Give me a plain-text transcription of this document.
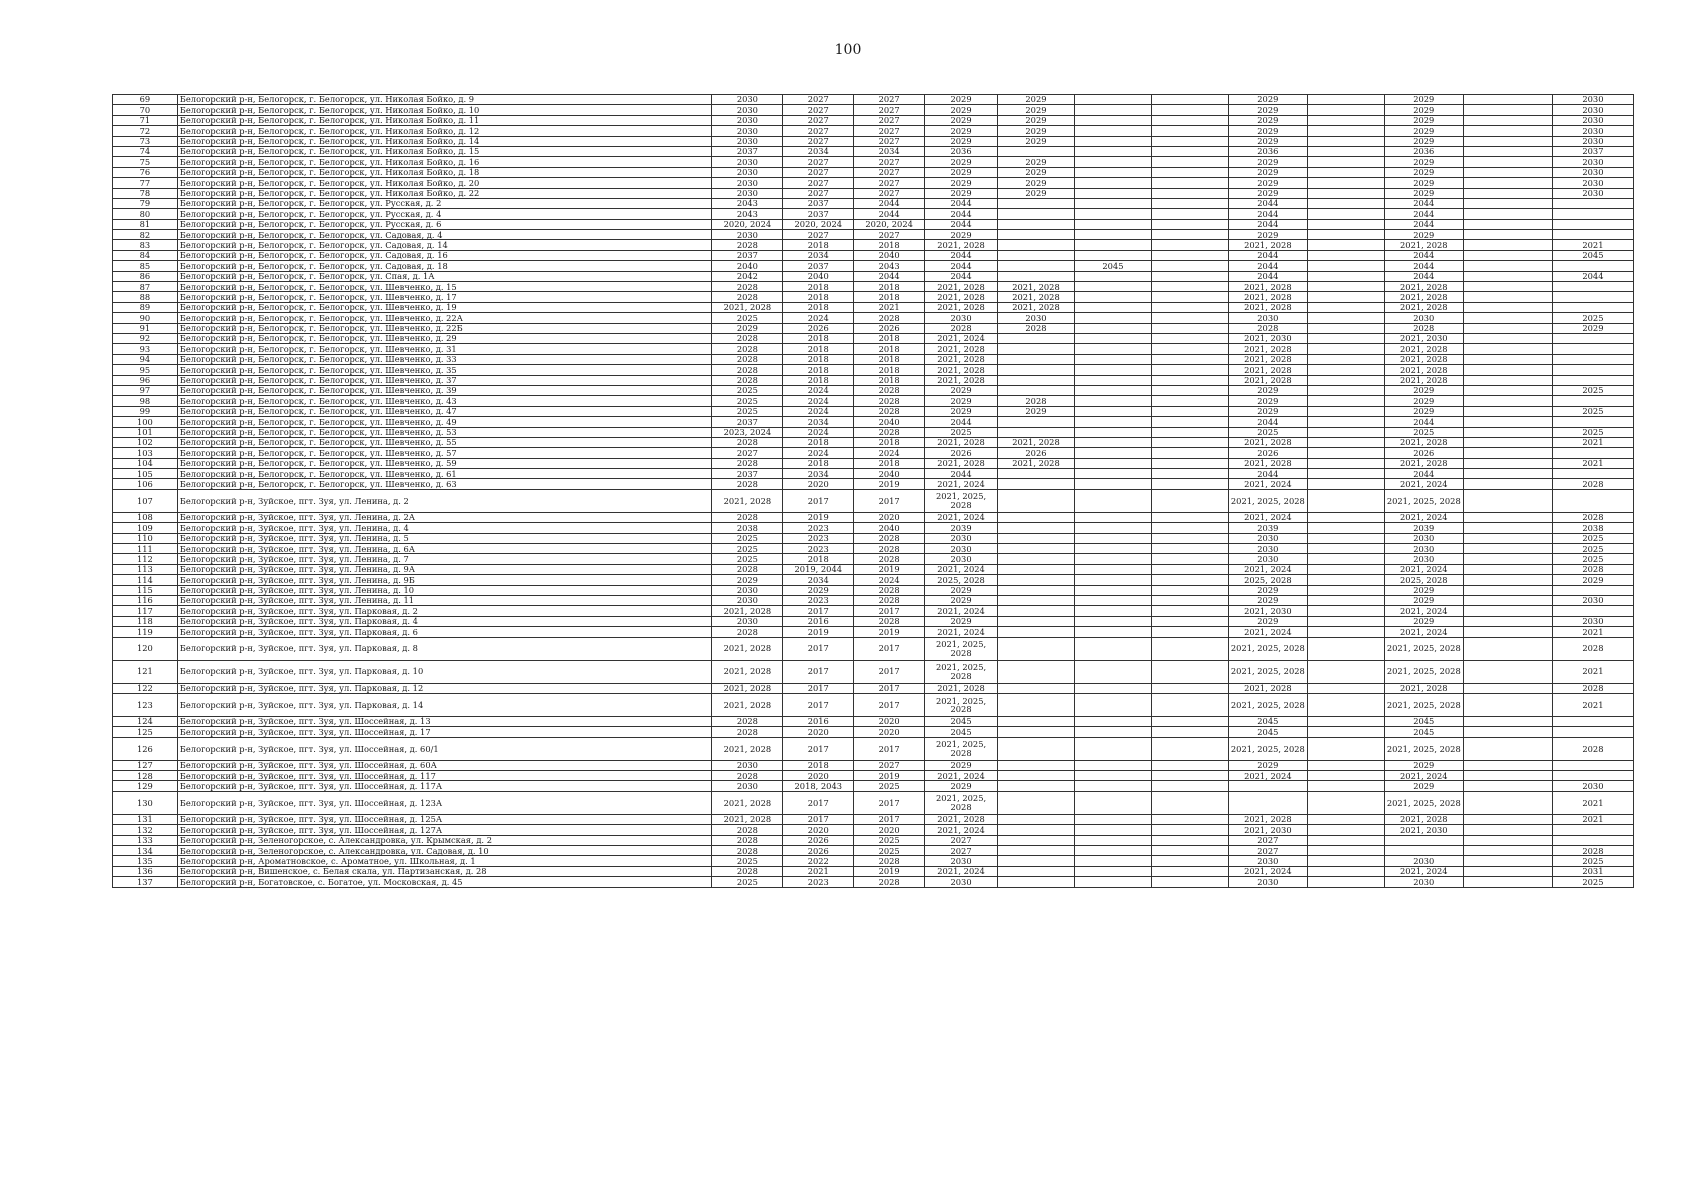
100
69	Белогорский р-н, Белогорск, г. Белогорск, ул. Николая Бойко, д. 9	2030	2027	2027	2029	2029			2029		2029		2030
70	Белогорский р-н, Белогорск, г. Белогорск, ул. Николая Бойко, д. 10	2030	2027	2027	2029	2029			2029		2029		2030
71	Белогорский р-н, Белогорск, г. Белогорск, ул. Николая Бойко, д. 11	2030	2027	2027	2029	2029			2029		2029		2030
72	Белогорский р-н, Белогорск, г. Белогорск, ул. Николая Бойко, д. 12	2030	2027	2027	2029	2029			2029		2029		2030
73	Белогорский р-н, Белогорск, г. Белогорск, ул. Николая Бойко, д. 14	2030	2027	2027	2029	2029			2029		2029		2030
74	Белогорский р-н, Белогорск, г. Белогорск, ул. Николая Бойко, д. 15	2037	2034	2034	2036				2036		2036		2037
75	Белогорский р-н, Белогорск, г. Белогорск, ул. Николая Бойко, д. 16	2030	2027	2027	2029	2029			2029		2029		2030
76	Белогорский р-н, Белогорск, г. Белогорск, ул. Николая Бойко, д. 18	2030	2027	2027	2029	2029			2029		2029		2030
77	Белогорский р-н, Белогорск, г. Белогорск, ул. Николая Бойко, д. 20	2030	2027	2027	2029	2029			2029		2029		2030
78	Белогорский р-н, Белогорск, г. Белогорск, ул. Николая Бойко, д. 22	2030	2027	2027	2029	2029			2029		2029		2030
79	Белогорский р-н, Белогорск, г. Белогорск, ул. Русская, д. 2	2043	2037	2044	2044				2044		2044		
80	Белогорский р-н, Белогорск, г. Белогорск, ул. Русская, д. 4	2043	2037	2044	2044				2044		2044		
81	Белогорский р-н, Белогорск, г. Белогорск, ул. Русская, д. 6	2020, 2024	2020, 2024	2020, 2024	2044				2044		2044		
82	Белогорский р-н, Белогорск, г. Белогорск, ул. Садовая, д. 4	2030	2027	2027	2029				2029		2029		
83	Белогорский р-н, Белогорск, г. Белогорск, ул. Садовая, д. 14	2028	2018	2018	2021, 2028				2021, 2028		2021, 2028		2021
84	Белогорский р-н, Белогорск, г. Белогорск, ул. Садовая, д. 16	2037	2034	2040	2044				2044		2044		2045
85	Белогорский р-н, Белогорск, г. Белогорск, ул. Садовая, д. 18	2040	2037	2043	2044		2045		2044		2044		
86	Белогорский р-н, Белогорск, г. Белогорск, ул. Спая, д. 1А	2042	2040	2044	2044				2044		2044		2044
87	Белогорский р-н, Белогорск, г. Белогорск, ул. Шевченко, д. 15	2028	2018	2018	2021, 2028	2021, 2028			2021, 2028		2021, 2028		
88	Белогорский р-н, Белогорск, г. Белогорск, ул. Шевченко, д. 17	2028	2018	2018	2021, 2028	2021, 2028			2021, 2028		2021, 2028		
89	Белогорский р-н, Белогорск, г. Белогорск, ул. Шевченко, д. 19	2021, 2028	2018	2021	2021, 2028	2021, 2028			2021, 2028		2021, 2028		
90	Белогорский р-н, Белогорск, г. Белогорск, ул. Шевченко, д. 22А	2025	2024	2028	2030	2030			2030		2030		2025
91	Белогорский р-н, Белогорск, г. Белогорск, ул. Шевченко, д. 22Б	2029	2026	2026	2028	2028			2028		2028		2029
92	Белогорский р-н, Белогорск, г. Белогорск, ул. Шевченко, д. 29	2028	2018	2018	2021, 2024				2021, 2030		2021, 2030		
93	Белогорский р-н, Белогорск, г. Белогорск, ул. Шевченко, д. 31	2028	2018	2018	2021, 2028				2021, 2028		2021, 2028		
94	Белогорский р-н, Белогорск, г. Белогорск, ул. Шевченко, д. 33	2028	2018	2018	2021, 2028				2021, 2028		2021, 2028		
95	Белогорский р-н, Белогорск, г. Белогорск, ул. Шевченко, д. 35	2028	2018	2018	2021, 2028				2021, 2028		2021, 2028		
96	Белогорский р-н, Белогорск, г. Белогорск, ул. Шевченко, д. 37	2028	2018	2018	2021, 2028				2021, 2028		2021, 2028		
97	Белогорский р-н, Белогорск, г. Белогорск, ул. Шевченко, д. 39	2025	2024	2028	2029				2029		2029		2025
98	Белогорский р-н, Белогорск, г. Белогорск, ул. Шевченко, д. 43	2025	2024	2028	2029	2028			2029		2029		
99	Белогорский р-н, Белогорск, г. Белогорск, ул. Шевченко, д. 47	2025	2024	2028	2029	2029			2029		2029		2025
100	Белогорский р-н, Белогорск, г. Белогорск, ул. Шевченко, д. 49	2037	2034	2040	2044				2044		2044		
101	Белогорский р-н, Белогорск, г. Белогорск, ул. Шевченко, д. 53	2023, 2024	2024	2028	2025				2025		2025		2025
102	Белогорский р-н, Белогорск, г. Белогорск, ул. Шевченко, д. 55	2028	2018	2018	2021, 2028	2021, 2028			2021, 2028		2021, 2028		2021
103	Белогорский р-н, Белогорск, г. Белогорск, ул. Шевченко, д. 57	2027	2024	2024	2026	2026			2026		2026		
104	Белогорский р-н, Белогорск, г. Белогорск, ул. Шевченко, д. 59	2028	2018	2018	2021, 2028	2021, 2028			2021, 2028		2021, 2028		2021
105	Белогорский р-н, Белогорск, г. Белогорск, ул. Шевченко, д. 61	2037	2034	2040	2044				2044		2044		
106	Белогорский р-н, Белогорск, г. Белогорск, ул. Шевченко, д. 63	2028	2020	2019	2021, 2024				2021, 2024		2021, 2024		2028
107	Белогорский р-н, Зуйское, пгт. Зуя, ул. Ленина, д. 2	2021, 2028	2017	2017	2021, 2025, 2028				2021, 2025, 2028		2021, 2025, 2028		
108	Белогорский р-н, Зуйское, пгт. Зуя, ул. Ленина, д. 2А	2028	2019	2020	2021, 2024				2021, 2024		2021, 2024		2028
109	Белогорский р-н, Зуйское, пгт. Зуя, ул. Ленина, д. 4	2038	2023	2040	2039				2039		2039		2038
110	Белогорский р-н, Зуйское, пгт. Зуя, ул. Ленина, д. 5	2025	2023	2028	2030				2030		2030		2025
111	Белогорский р-н, Зуйское, пгт. Зуя, ул. Ленина, д. 6А	2025	2023	2028	2030				2030		2030		2025
112	Белогорский р-н, Зуйское, пгт. Зуя, ул. Ленина, д. 7	2025	2018	2028	2030				2030		2030		2025
113	Белогорский р-н, Зуйское, пгт. Зуя, ул. Ленина, д. 9А	2028	2019, 2044	2019	2021, 2024				2021, 2024		2021, 2024		2028
114	Белогорский р-н, Зуйское, пгт. Зуя, ул. Ленина, д. 9Б	2029	2034	2024	2025, 2028				2025, 2028		2025, 2028		2029
115	Белогорский р-н, Зуйское, пгт. Зуя, ул. Ленина, д. 10	2030	2029	2028	2029				2029		2029		
116	Белогорский р-н, Зуйское, пгт. Зуя, ул. Ленина, д. 11	2030	2023	2028	2029				2029		2029		2030
117	Белогорский р-н, Зуйское, пгт. Зуя, ул. Парковая, д. 2	2021, 2028	2017	2017	2021, 2024				2021, 2030		2021, 2024		
118	Белогорский р-н, Зуйское, пгт. Зуя, ул. Парковая, д. 4	2030	2016	2028	2029				2029		2029		2030
119	Белогорский р-н, Зуйское, пгт. Зуя, ул. Парковая, д. 6	2028	2019	2019	2021, 2024				2021, 2024		2021, 2024		2021
120	Белогорский р-н, Зуйское, пгт. Зуя, ул. Парковая, д. 8	2021, 2028	2017	2017	2021, 2025, 2028				2021, 2025, 2028		2021, 2025, 2028		2028
121	Белогорский р-н, Зуйское, пгт. Зуя, ул. Парковая, д. 10	2021, 2028	2017	2017	2021, 2025, 2028				2021, 2025, 2028		2021, 2025, 2028		2021
122	Белогорский р-н, Зуйское, пгт. Зуя, ул. Парковая, д. 12	2021, 2028	2017	2017	2021, 2028				2021, 2028		2021, 2028		2028
123	Белогорский р-н, Зуйское, пгт. Зуя, ул. Парковая, д. 14	2021, 2028	2017	2017	2021, 2025, 2028				2021, 2025, 2028		2021, 2025, 2028		2021
124	Белогорский р-н, Зуйское, пгт. Зуя, ул. Шоссейная, д. 13	2028	2016	2020	2045				2045		2045		
125	Белогорский р-н, Зуйское, пгт. Зуя, ул. Шоссейная, д. 17	2028	2020	2020	2045				2045		2045		
126	Белогорский р-н, Зуйское, пгт. Зуя, ул. Шоссейная, д. 60/1	2021, 2028	2017	2017	2021, 2025, 2028				2021, 2025, 2028		2021, 2025, 2028		2028
127	Белогорский р-н, Зуйское, пгт. Зуя, ул. Шоссейная, д. 60А	2030	2018	2027	2029				2029		2029		
128	Белогорский р-н, Зуйское, пгт. Зуя, ул. Шоссейная, д. 117	2028	2020	2019	2021, 2024				2021, 2024		2021, 2024		
129	Белогорский р-н, Зуйское, пгт. Зуя, ул. Шоссейная, д. 117А	2030	2018, 2043	2025	2029						2029		2030
130	Белогорский р-н, Зуйское, пгт. Зуя, ул. Шоссейная, д. 123А	2021, 2028	2017	2017	2021, 2025, 2028						2021, 2025, 2028		2021
131	Белогорский р-н, Зуйское, пгт. Зуя, ул. Шоссейная, д. 125А	2021, 2028	2017	2017	2021, 2028				2021, 2028		2021, 2028		2021
132	Белогорский р-н, Зуйское, пгт. Зуя, ул. Шоссейная, д. 127А	2028	2020	2020	2021, 2024				2021, 2030		2021, 2030		
133	Белогорский р-н, Зеленогорское, с. Александровка, ул. Крымская, д. 2	2028	2026	2025	2027				2027				
134	Белогорский р-н, Зеленогорское, с. Александровка, ул. Садовая, д. 10	2028	2026	2025	2027				2027				2028
135	Белогорский р-н, Ароматновское, с. Ароматное, ул. Школьная, д. 1	2025	2022	2028	2030				2030		2030		2025
136	Белогорский р-н, Вишенское, с. Белая скала, ул. Партизанская, д. 28	2028	2021	2019	2021, 2024				2021, 2024		2021, 2024		2031
137	Белогорский р-н, Богатовское, с. Богатое, ул. Московская, д. 45	2025	2023	2028	2030				2030		2030		2025
